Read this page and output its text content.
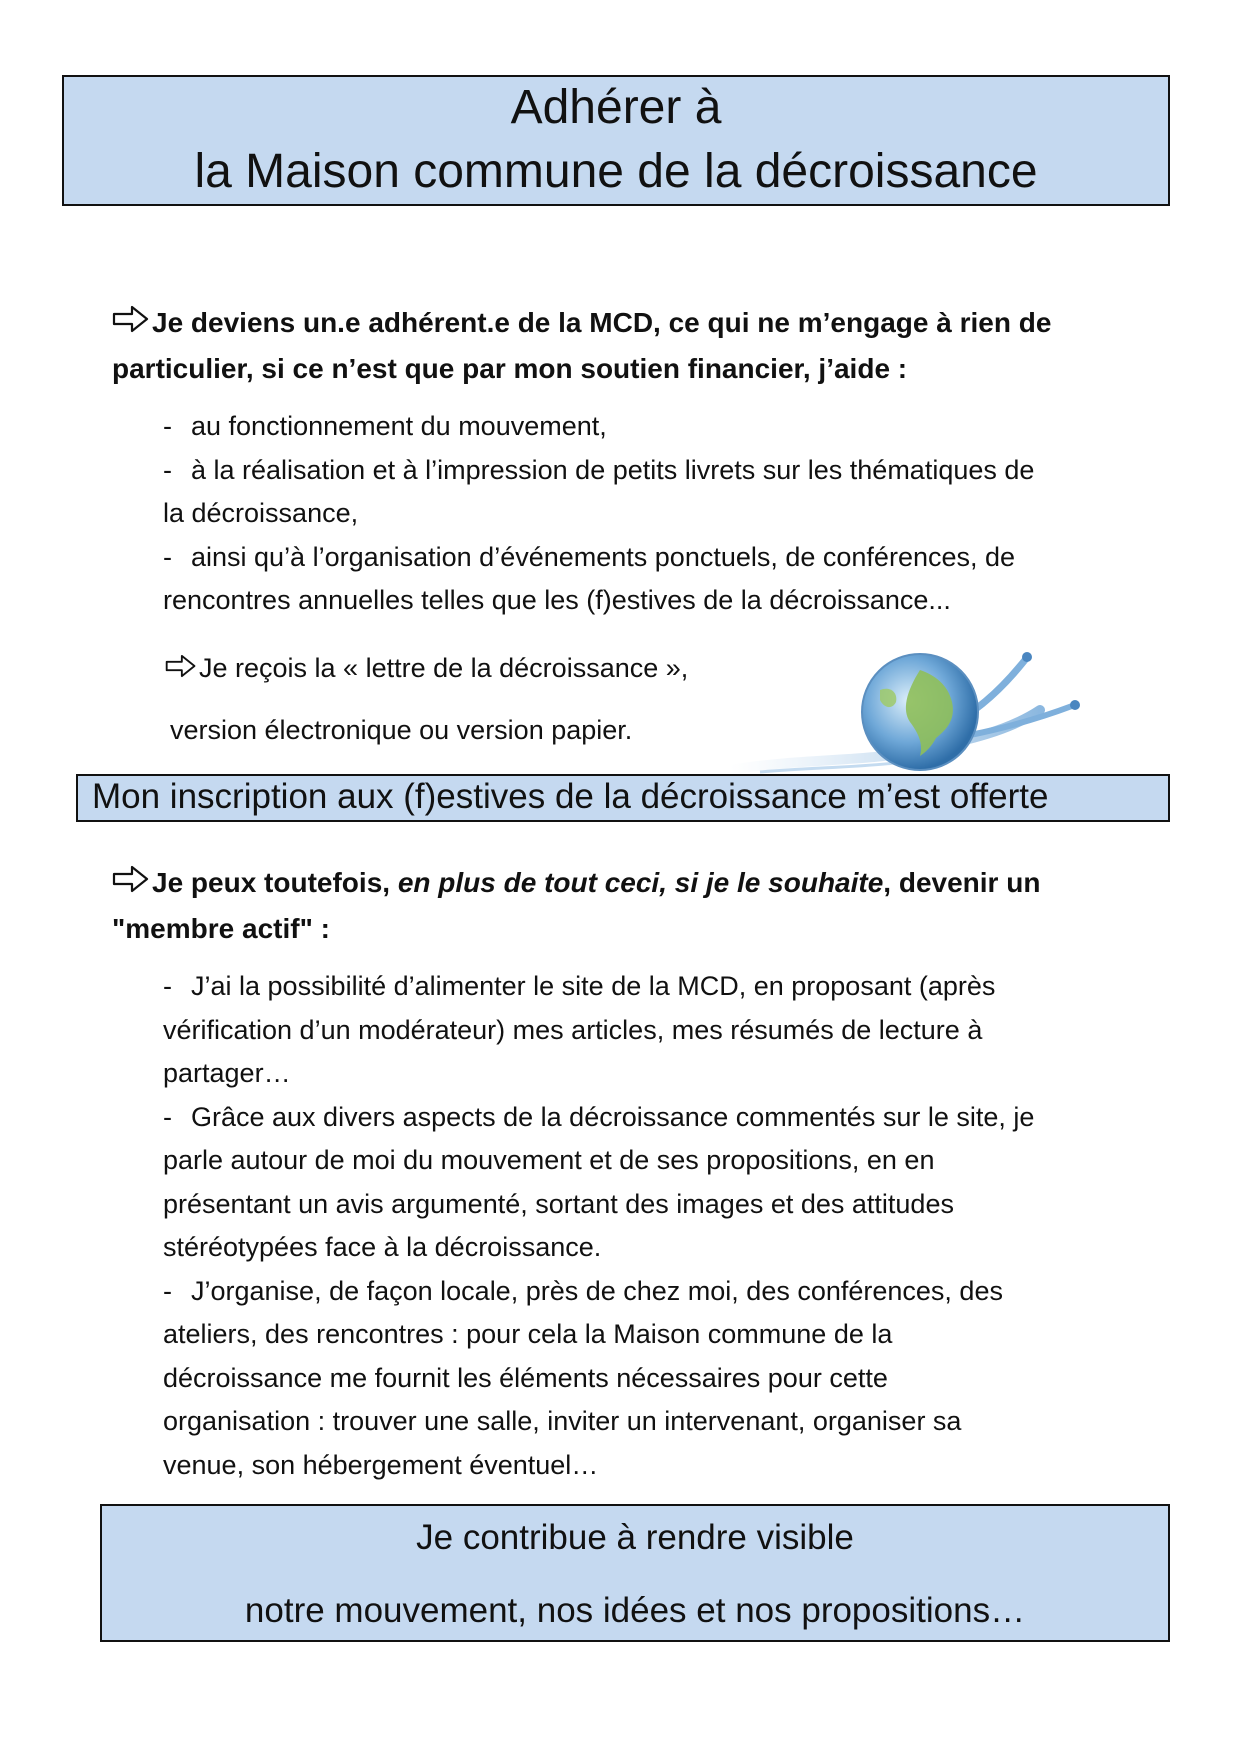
Adhérer à
la Maison commune de la décroissance
Je deviens un.e adhérent.e de la MCD, ce qui ne m’engage à rien de
particulier, si ce n’est que par mon soutien financier, j’aide :
- au fonctionnement du mouvement,
- à la réalisation et à l’impression de petits livrets sur les thématiques de
la décroissance,
- ainsi qu’à l’organisation d’événements ponctuels, de conférences, de
rencontres annuelles telles que les (f)estives de la décroissance...
Je reçois la « lettre de la décroissance »,
version électronique ou version papier.
Mon inscription aux (f)estives de la décroissance m’est offerte
Je peux toutefois, en plus de tout ceci, si je le souhaite, devenir un
"membre actif" :
- J’ai la possibilité d’alimenter le site de la MCD, en proposant (après
vérification d’un modérateur) mes articles, mes résumés de lecture à
partager…
- Grâce aux divers aspects de la décroissance commentés sur le site, je
parle autour de moi du mouvement et de ses propositions, en en
présentant un avis argumenté, sortant des images et des attitudes
stéréotypées face à la décroissance.
- J’organise, de façon locale, près de chez moi, des conférences, des
ateliers, des rencontres : pour cela la Maison commune de la
décroissance me fournit les éléments nécessaires pour cette
organisation : trouver une salle, inviter un intervenant, organiser sa
venue, son hébergement éventuel…
Je contribue à rendre visible
notre mouvement, nos idées et nos propositions…
